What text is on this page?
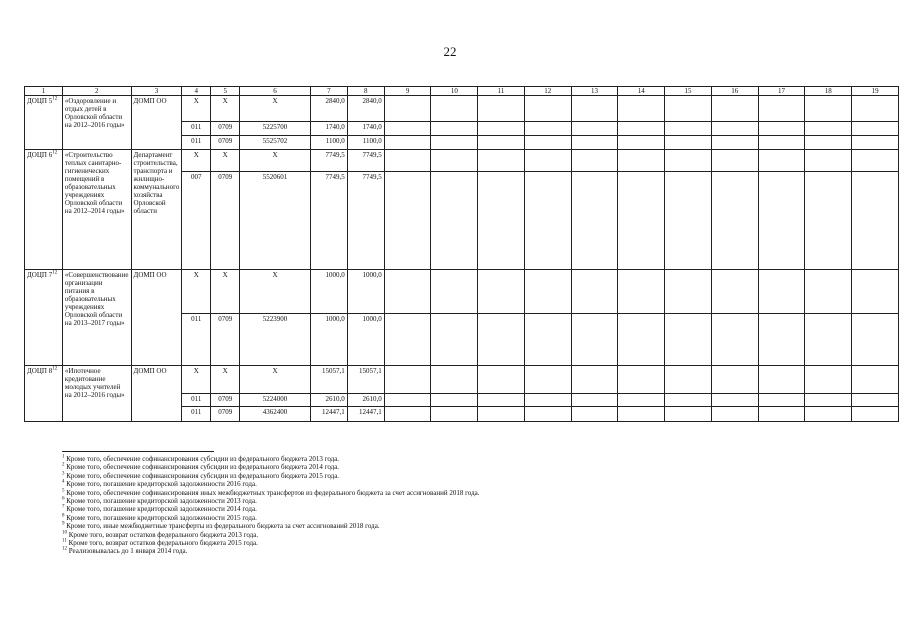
22
1	2	3	4	5	6	7	8	9	10	11	12	13	14	15	16	17	18	19
ДОЦП $5^{12}$	«Оздоровление и отдых детей в Орловской области на 2012–2016 годы»	ДОМП ОО	X	X	X	2840,0	2840,0											
			011	0709	5225700	1740,0	1740,0											
			011	0709	5525702	1100,0	1100,0											
ДОЦП $6^{12}$	«Строительство теплых санитарно-гигиенических помещений в образовательных учреждениях Орловской области на 2012–2014 годы»	Департамент строительства, транспорта и жилищно-коммунального хозяйства Орловской области	X	X	X	7749,5	7749,5											
			007	0709	5520601	7749,5	7749,5											
ДОЦП $7^{12}$	«Совершенствование организации питания в образовательных учреждениях Орловской области на 2013–2017 годы»	ДОМП ОО	X	X	X	1000,0	1000,0											
			011	0709	5223900	1000,0	1000,0											
ДОЦП $8^{12}$	«Ипотечное кредитование молодых учителей на 2012–2016 годы»	ДОМП ОО	X	X	X	15057,1	15057,1											
			011	0709	5224000	2610,0	2610,0											
			011	0709	4362400	12447,1	12447,1											
$^1$ Кроме того, обеспечение софинансирования субсидии из федерального бюджета 2013 года.
$^2$ Кроме того, обеспечение софинансирования субсидии из федерального бюджета 2014 года.
$^3$ Кроме того, обеспечение софинансирования субсидии из федерального бюджета 2015 года.
$^4$ Кроме того, погашение кредиторской задолженности 2016 года.
$^5$ Кроме того, обеспечение софинансирования иных межбюджетных трансфертов из федерального бюджета за счет ассигнований 2018 года.
$^6$ Кроме того, погашение кредиторской задолженности 2013 года.
$^7$ Кроме того, погашение кредиторской задолженности 2014 года.
$^8$ Кроме того, погашение кредиторской задолженности 2015 года.
$^9$ Кроме того, иные межбюджетные трансферты из федерального бюджета за счет ассигнований 2018 года.
$^{10}$ Кроме того, возврат остатков федерального бюджета 2013 года.
$^{11}$ Кроме того, возврат остатков федерального бюджета 2015 года.
$^{12}$ Реализовывалась до 1 января 2014 года.
